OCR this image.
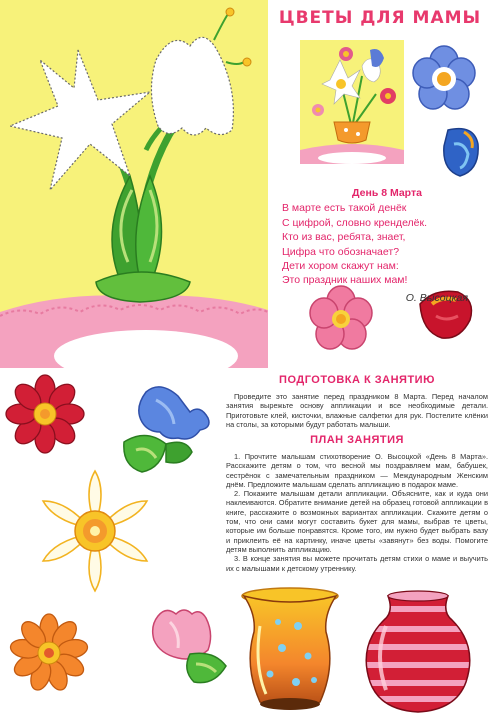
ЦВЕТЫ ДЛЯ МАМЫ
День 8 Марта
В марте есть такой денёк
С цифрой, словно кренделёк.
Кто из вас, ребята, знает,
Цифра что обозначает?
Дети хором скажут нам:
Это праздник наших мам!
О. Высоцкая
ПОДГОТОВКА К ЗАНЯТИЮ

Проведите это занятие перед праздником 8 Марта. Перед началом занятия вырежьте основу аппликации и все необходимые детали. Приготовьте клей, кисточки, влажные салфетки для рук. Постелите клёнки на столы, за которыми будут работать малыши.

ПЛАН ЗАНЯТИЯ

1. Прочтите малышам стихотворение О. Высоцкой «День 8 Марта». Расскажите детям о том, что весной мы поздравляем мам, бабушек, сестрёнок с замечательным праздником — Международным Женским днём. Предложите малышам сделать аппликацию в подарок маме.

2. Покажите малышам детали аппликации. Объясните, как и куда они наклеиваются. Обратите внимание детей на образец готовой аппликации в книге, расскажите о возможных вариантах аппликации. Скажите детям о том, что они сами могут составить букет для мамы, выбрав те цветы, которые им больше понравятся. Кроме того, им нужно будет выбрать вазу и приклеить её на картинку, иначе цветы «завянут» без воды. Помогите детям выполнить аппликацию.

3. В конце занятия вы можете прочитать детям стихи о маме и выучить их с малышами к детскому утреннику.
